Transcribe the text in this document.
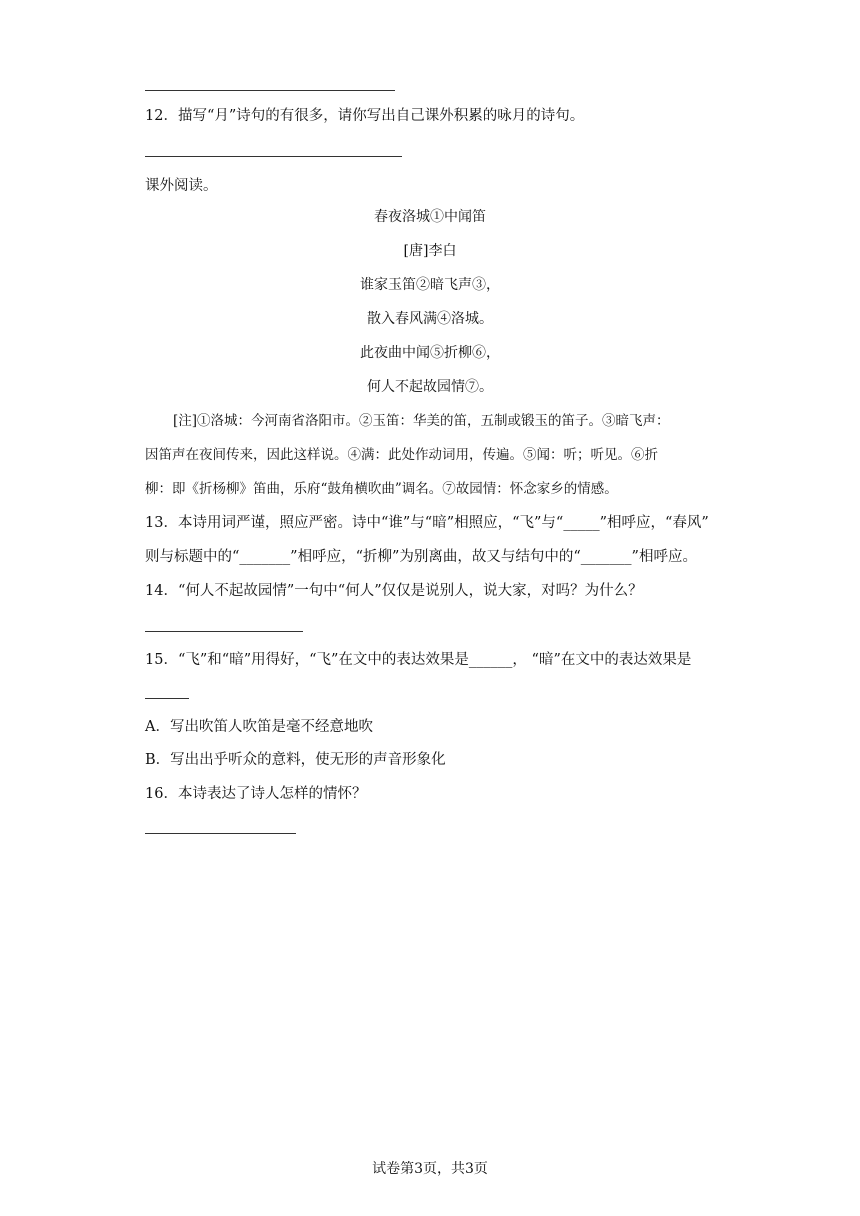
12．描写“月”诗句的有很多，请你写出自己课外积累的咏月的诗句。
课外阅读。
春夜洛城①中闻笛
[唐]李白
谁家玉笛②暗飞声③，
散入春风满④洛城。
此夜曲中闻⑤折柳⑥，
何人不起故园情⑦。
[注]①洛城：今河南省洛阳市。②玉笛：华美的笛，五制或锻玉的笛子。③暗飞声：
因笛声在夜间传来，因此这样说。④满：此处作动词用，传遍。⑤闻：听；听见。⑥折
柳：即《折杨柳》笛曲，乐府“鼓角横吹曲”调名。⑦故园情：怀念家乡的情感。
13．本诗用词严谨，照应严密。诗中“谁”与“暗”相照应，“飞”与“_____”相呼应，“春风”
则与标题中的“_______”相呼应，“折柳”为别离曲，故又与结句中的“_______”相呼应。
14．“何人不起故园情”一句中“何人”仅仅是说别人，说大家，对吗？为什么？
15．“飞”和“暗”用得好，“飞”在文中的表达效果是______， “暗”在文中的表达效果是
A．写出吹笛人吹笛是毫不经意地吹
B．写出出乎听众的意料，使无形的声音形象化
16．本诗表达了诗人怎样的情怀？
试卷第3页，共3页
